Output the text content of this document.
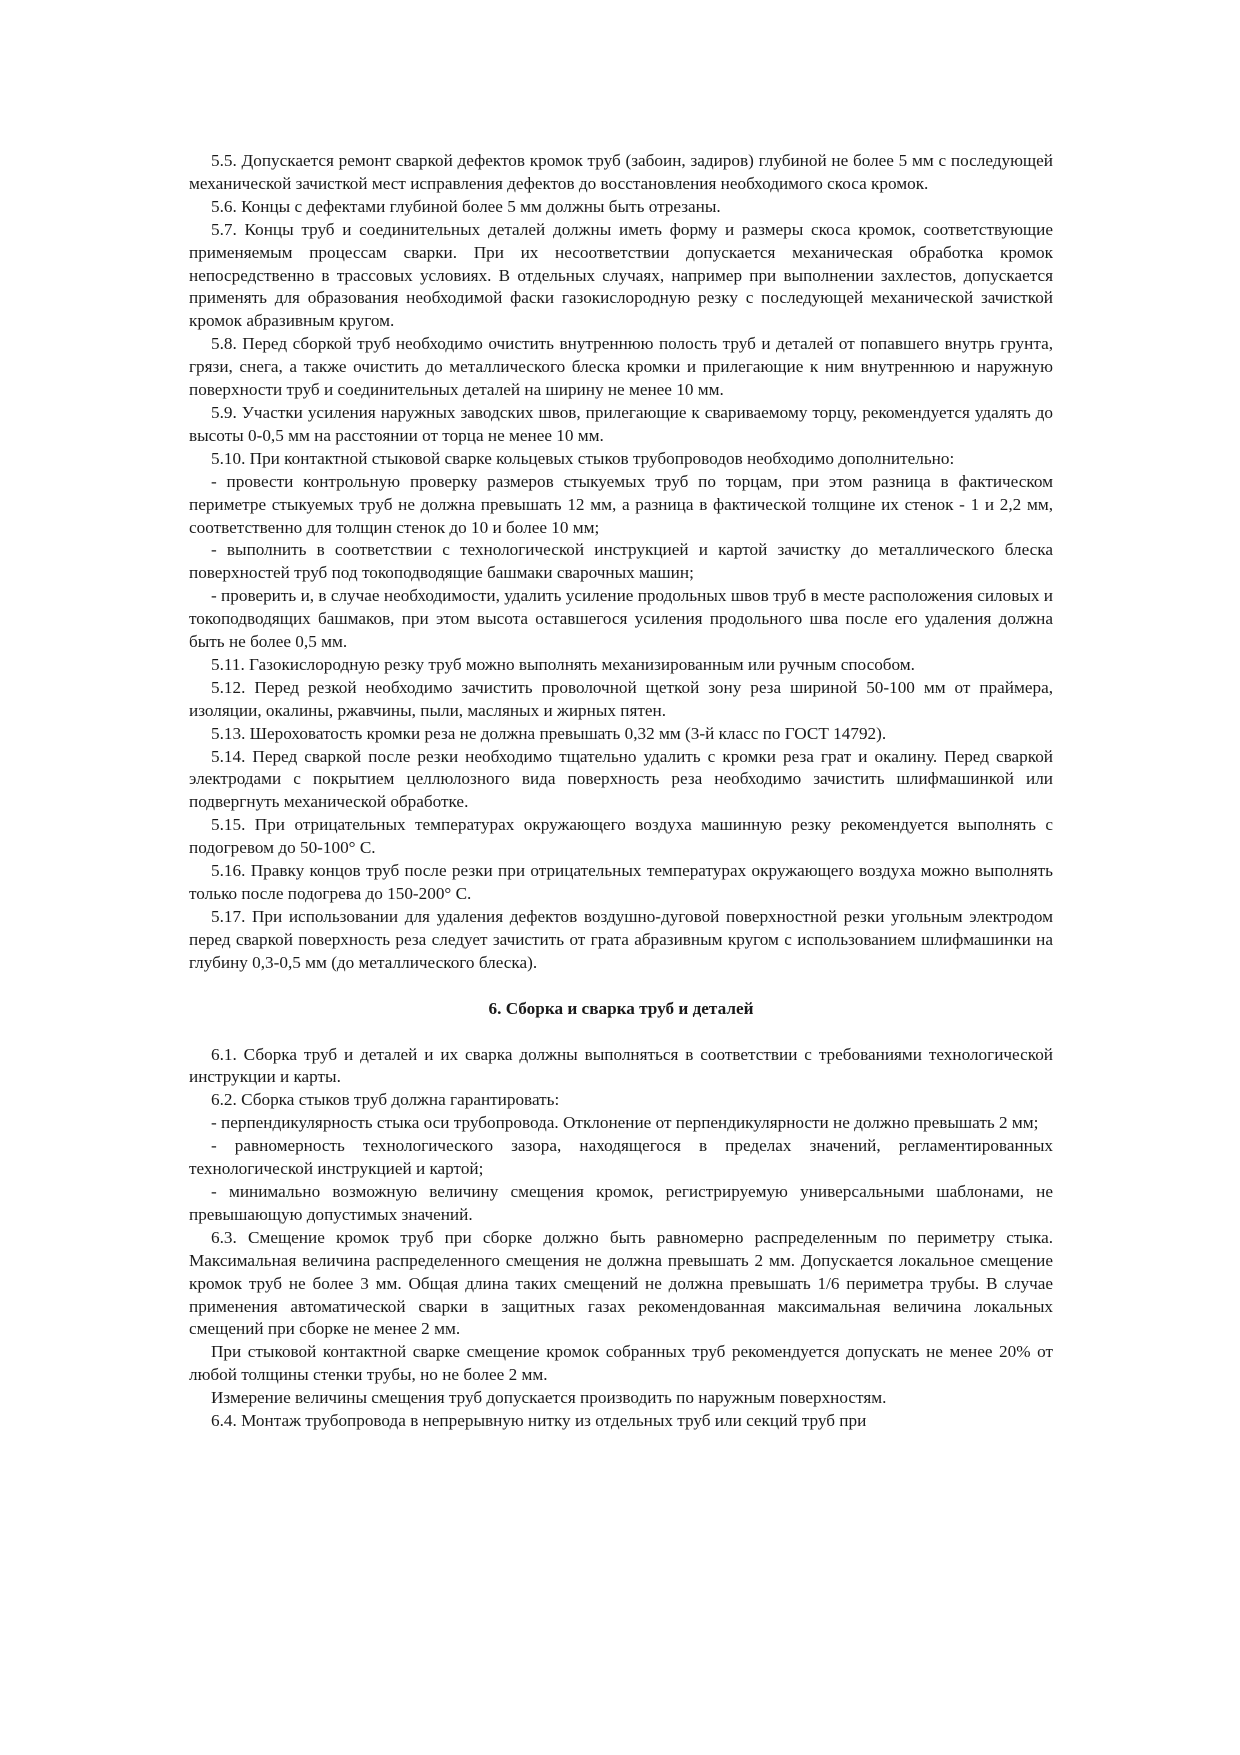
5.5. Допускается ремонт сваркой дефектов кромок труб (забоин, задиров) глубиной не более 5 мм с последующей механической зачисткой мест исправления дефектов до восстановления необходимого скоса кромок.

5.6. Концы с дефектами глубиной более 5 мм должны быть отрезаны.

5.7. Концы труб и соединительных деталей должны иметь форму и размеры скоса кромок, соответствующие применяемым процессам сварки. При их несоответствии допускается механическая обработка кромок непосредственно в трассовых условиях. В отдельных случаях, например при выполнении захлестов, допускается применять для образования необходимой фаски газокислородную резку с последующей механической зачисткой кромок абразивным кругом.

5.8. Перед сборкой труб необходимо очистить внутреннюю полость труб и деталей от попавшего внутрь грунта, грязи, снега, а также очистить до металлического блеска кромки и прилегающие к ним внутреннюю и наружную поверхности труб и соединительных деталей на ширину не менее 10 мм.

5.9. Участки усиления наружных заводских швов, прилегающие к свариваемому торцу, рекомендуется удалять до высоты 0-0,5 мм на расстоянии от торца не менее 10 мм.

5.10. При контактной стыковой сварке кольцевых стыков трубопроводов необходимо дополнительно:

- провести контрольную проверку размеров стыкуемых труб по торцам, при этом разница в фактическом периметре стыкуемых труб не должна превышать 12 мм, а разница в фактической толщине их стенок - 1 и 2,2 мм, соответственно для толщин стенок до 10 и более 10 мм;

- выполнить в соответствии с технологической инструкцией и картой зачистку до металлического блеска поверхностей труб под токоподводящие башмаки сварочных машин;

- проверить и, в случае необходимости, удалить усиление продольных швов труб в месте расположения силовых и токоподводящих башмаков, при этом высота оставшегося усиления продольного шва после его удаления должна быть не более 0,5 мм.

5.11. Газокислородную резку труб можно выполнять механизированным или ручным способом.

5.12. Перед резкой необходимо зачистить проволочной щеткой зону реза шириной 50-100 мм от праймера, изоляции, окалины, ржавчины, пыли, масляных и жирных пятен.

5.13. Шероховатость кромки реза не должна превышать 0,32 мм (3-й класс по ГОСТ 14792).

5.14. Перед сваркой после резки необходимо тщательно удалить с кромки реза грат и окалину. Перед сваркой электродами с покрытием целлюлозного вида поверхность реза необходимо зачистить шлифмашинкой или подвергнуть механической обработке.

5.15. При отрицательных температурах окружающего воздуха машинную резку рекомендуется выполнять с подогревом до 50-100° С.

5.16. Правку концов труб после резки при отрицательных температурах окружающего воздуха можно выполнять только после подогрева до 150-200° С.

5.17. При использовании для удаления дефектов воздушно-дуговой поверхностной резки угольным электродом перед сваркой поверхность реза следует зачистить от грата абразивным кругом с использованием шлифмашинки на глубину 0,3-0,5 мм (до металлического блеска).

6. Сборка и сварка труб и деталей

6.1. Сборка труб и деталей и их сварка должны выполняться в соответствии с требованиями технологической инструкции и карты.

6.2. Сборка стыков труб должна гарантировать:

- перпендикулярность стыка оси трубопровода. Отклонение от перпендикулярности не должно превышать 2 мм;

- равномерность технологического зазора, находящегося в пределах значений, регламентированных технологической инструкцией и картой;

- минимально возможную величину смещения кромок, регистрируемую универсальными шаблонами, не превышающую допустимых значений.

6.3. Смещение кромок труб при сборке должно быть равномерно распределенным по периметру стыка. Максимальная величина распределенного смещения не должна превышать 2 мм. Допускается локальное смещение кромок труб не более 3 мм. Общая длина таких смещений не должна превышать 1/6 периметра трубы. В случае применения автоматической сварки в защитных газах рекомендованная максимальная величина локальных смещений при сборке не менее 2 мм.

При стыковой контактной сварке смещение кромок собранных труб рекомендуется допускать не менее 20% от любой толщины стенки трубы, но не более 2 мм.

Измерение величины смещения труб допускается производить по наружным поверхностям.

6.4. Монтаж трубопровода в непрерывную нитку из отдельных труб или секций труб при
